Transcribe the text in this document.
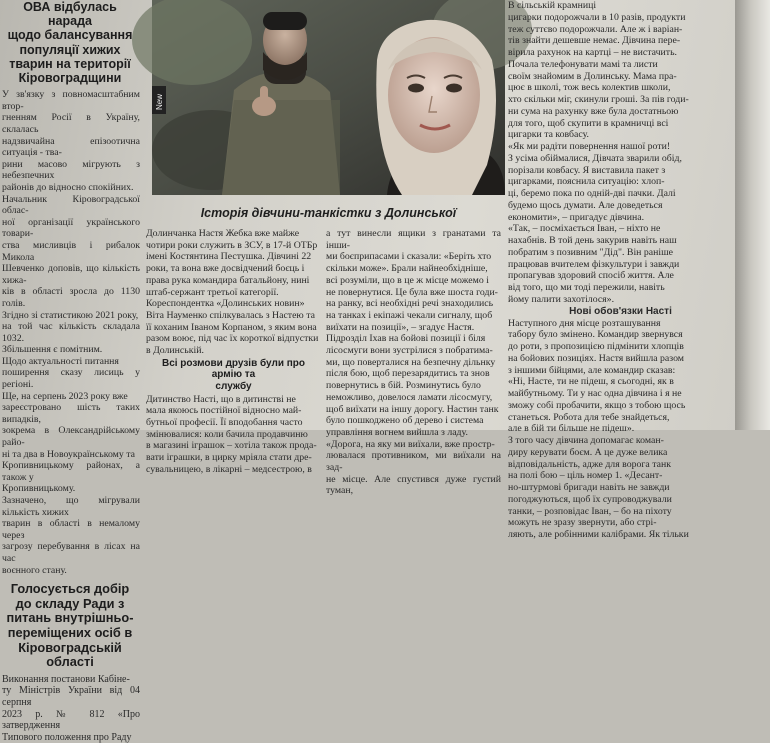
ОВА відбулась нарада
щодо балансування
популяції хижих
тварин на території
Кіровоградщини
У зв'язку з повномасштабним втор-
гненням Росії в Україну, склалась
надзвичайна епізоотична ситуація - тва-
рини масово мігрують з небезпечних
районів до відносно спокійних.
Начальник Кіровоградської облас-
ної організації українського товари-
ства мисливців і рибалок Микола
Шевченко доповів, що кількість хижа-
ків в області зросла до 1130 голів.
Згідно зі статистикою 2021 року,
на той час кількість складала 1032.
Збільшення є помітним.
Щодо актуальності питання
поширення сказу лисиць у регіоні.
Ще, на серпень 2023 року вже
зареєстровано шість таких випадків,
зокрема в Олександрійському райо-
ні та два в Новоукраїнському та
Кропивницькому районах, а також у
Кропивницькому.
Зазначено, що мігрували кількість хижих
тварин в області в немалому через
загрозу перебування в лісах на час
воєнного стану.
Голосується добір
до складу Ради з
питань внутрішньо-
переміщених осіб в
Кіровоградській області
Виконання постанови Кабіне-
ту Міністрів України від 04 серпня
2023 р. № 812 «Про затвердження
Типового положення про Раду
New
Історія дівчини-танкістки з Долинської
Долинчанка Настя Жебка вже майже
чотири роки служить в ЗСУ, в 17-й ОТБр
імені Костянтина Пестушка. Дівчині 22
роки, та вона вже досвідчений боєць і
права рука командира батальйону, нині
штаб-сержант третьої категорії.
Кореспондентка «Долинських новин»
Віта Науменко спілкувалась з Настею та
її коханим Іваном Корпаном, з яким вона
разом воює, під час їх короткої відпустки
в Долинській.
Всі розмови друзів були про армію та
службу
Дитинство Насті, що в дитинстві не
мала якоюсь постійної відносно май-
бутньої професії. Її вподобання часто
змінювалися: коли бачила продавчиню
в магазині іграшок – хотіла також прода-
вати іграшки, в цирку мріяла стати дре-
сувальницею, в лікарні – медсестрою, в
а тут винесли ящики з гранатами та інши-
ми боєприпасами і сказали: «Беріть хто
скільки може». Брали найнеобхідніше,
всі розуміли, що в це ж місце можемо і
не повернутися. Це була вже шоста годи-
на ранку, всі необхідні речі знаходились
на танках і екіпажі чекали сигналу, щоб
виїхати на позиції», – згадує Настя.
Підрозділ Іхав на бойові позиції і біля
лісосмуги вони зустрілися з побратима-
ми, що поверталися на безпечну дільнку
після бою, щоб перезарядитись та знов
повернутись в бій. Розминутись було
неможливо, довелося ламати лісосмугу,
щоб виїхати на іншу дорогу. Настин танк
було пошкоджено об дерево і система
управління вогнем вийшла з ладу.
«Дорога, на яку ми виїхали, вже простр-
лювалася противником, ми виїхали на зад-
не місце. Але спустився дуже густий туман,
В сільській крамниці
цигарки подорожчали в 10 разів, продукти
теж суттєво подорожчали. Але ж і варіан-
тів знайти дешевше немає. Дівчина пере-
вірила рахунок на картці – не вистачить.
Почала телефонувати мамі та листи
своїм знайомим в Долинську. Мама пра-
цює в школі, тож весь колектив школи,
хто скільки міг, скинули гроші. За пів годи-
ни сума на рахунку вже була достатньою
для того, щоб скупити в крамничці всі
цигарки та ковбасу.
«Як ми радіти повернення нашої роти!
З усіма обіймалися, Дівчата зварили обід,
порізали ковбасу. Я виставила пакет з
цигарками, пояснила ситуацію: хлоп-
ці, беремо пока по одній-дві пачки. Далі
будемо щось думати. Але доведеться
економити», – пригадує дівчина.
«Так, – посміхається Іван, – ніхто не
нахабнів. В той день закурив навіть наш
побратим з позивним "Дід". Він раніше
працював вчителем фізкультури і завжди
пропагував здоровий спосіб життя. Але
від того, що ми тоді пережили, навіть
йому палити захотілося».
Нові обов'язки Насті
Наступного дня місце розташування
табору було змінено. Командир звернувся
до роти, з пропозицією підмінити хлопців
на бойових позиціях. Настя вийшла разом
з іншими бійцями, але командир сказав:
«Ні, Насте, ти не підеш, я сьогодні, як в
майбутньому. Ти у нас одна дівчина і я не
зможу собі пробачити, якщо з тобою щось
станеться. Робота для тебе знайдеться,
але в бій ти більше не підеш».
З того часу дівчина допомагає коман-
диру керувати боєм. А це дуже велика
відповідальність, адже для ворога танк
на полі бою – ціль номер 1. «Десант-
но-штурмові бригади навіть не завжди
погоджуються, щоб їх супроводжували
танки, – розповідає Іван, – бо на піхоту
можуть не зразу звернути, або стрі-
ляють, але робінними калібрами. Як тільки
